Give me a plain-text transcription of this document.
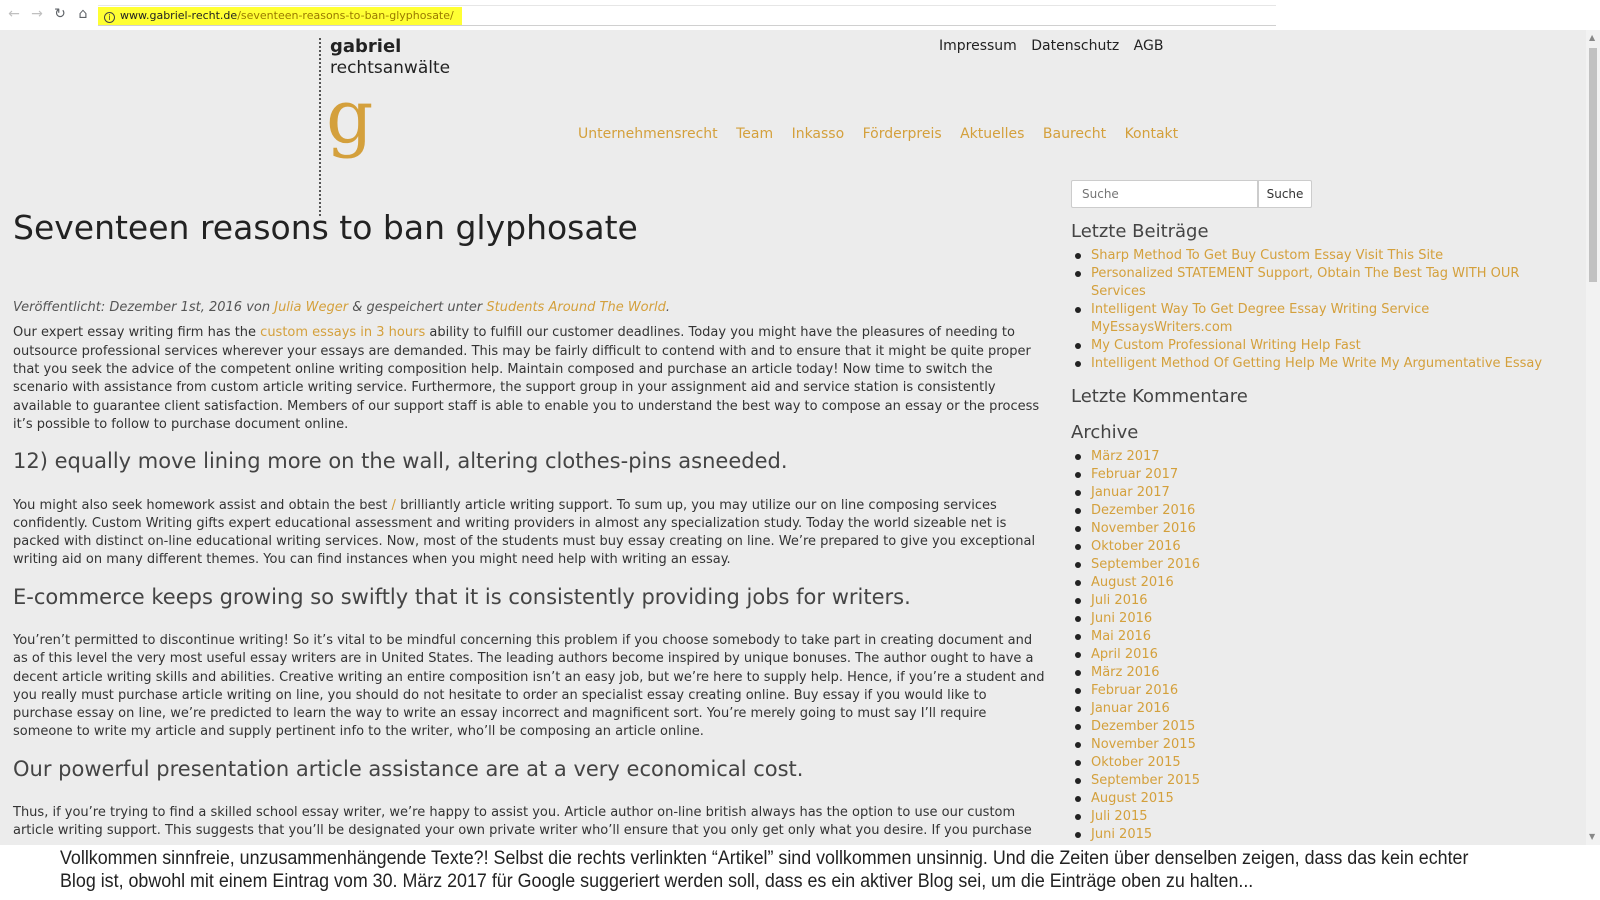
← → ↻ ⌂	i www.gabriel-recht.de/seventeen-reasons-to-ban-glyphosate/
gabriel
rechtsanwälte
g
Impressum Datenschutz AGB
Unternehmensrecht Team Inkasso Förderpreis Aktuelles Baurecht Kontakt
Seventeen reasons to ban glyphosate
Veröffentlicht: Dezember 1st, 2016 von Julia Weger & gespeichert unter Students Around The World.

Our expert essay writing firm has the custom essays in 3 hours ability to fulfill our customer deadlines. Today you might have the pleasures of needing to outsource professional services wherever your essays are demanded. This may be fairly difficult to contend with and to ensure that it might be quite proper that you seek the advice of the competent online writing composition help. Maintain composed and purchase an article today! Now time to switch the scenario with assistance from custom article writing service. Furthermore, the support group in your assignment aid and service station is consistently available to guarantee client satisfaction. Members of our support staff is able to enable you to understand the best way to compose an essay or the process it’s possible to follow to purchase document online.

12) equally move lining more on the wall, altering clothes-pins asneeded.

You might also seek homework assist and obtain the best / brilliantly article writing support. To sum up, you may utilize our on line composing services confidently. Custom Writing gifts expert educational assessment and writing providers in almost any specialization study. Today the world sizeable net is packed with distinct on-line educational writing services. Now, most of the students must buy essay creating on line. We’re prepared to give you exceptional writing aid on many different themes. You can find instances when you might need help with writing an essay.

E-commerce keeps growing so swiftly that it is consistently providing jobs for writers.

You’ren’t permitted to discontinue writing! So it’s vital to be mindful concerning this problem if you choose somebody to take part in creating document and as of this level the very most useful essay writers are in United States. The leading authors become inspired by unique bonuses. The author ought to have a decent article writing skills and abilities. Creative writing an entire composition isn’t an easy job, but we’re here to supply help. Hence, if you’re a student and you really must purchase article writing on line, you should do not hesitate to order an specialist essay creating online. Buy essay if you would like to purchase essay on line, we’re predicted to learn the way to write an essay incorrect and magnificent sort. You’re merely going to must say I’ll require someone to write my article and supply pertinent info to the writer, who’ll be composing an article online.

Our powerful presentation article assistance are at a very economical cost.

Thus, if you’re trying to find a skilled school essay writer, we’re happy to assist you. Article author on-line british always has the option to use our custom article writing support. This suggests that you’ll be designated your own private writer who’ll ensure that you only get only what you desire. If you purchase

Suche
Suche
Letzte Beiträge
Sharp Method To Get Buy Custom Essay Visit This Site
Personalized STATEMENT Support, Obtain The Best Tag WITH OUR Services
Intelligent Way To Get Degree Essay Writing Service MyEssaysWriters.com
My Custom Professional Writing Help Fast
Intelligent Method Of Getting Help Me Write My Argumentative Essay
Letzte Kommentare
Archive
März 2017
Februar 2017
Januar 2017
Dezember 2016
November 2016
Oktober 2016
September 2016
August 2016
Juli 2016
Juni 2016
Mai 2016
April 2016
März 2016
Februar 2016
Januar 2016
Dezember 2015
November 2015
Oktober 2015
September 2015
August 2015
Juli 2015
Juni 2015
▲
▼

Vollkommen sinnfreie, unzusammenhängende Texte?! Selbst die rechts verlinkten “Artikel” sind vollkommen unsinnig. Und die Zeiten über denselben zeigen, dass das kein echter Blog ist, obwohl mit einem Eintrag vom 30. März 2017 für Google suggeriert werden soll, dass es ein aktiver Blog sei, um die Einträge oben zu halten...
